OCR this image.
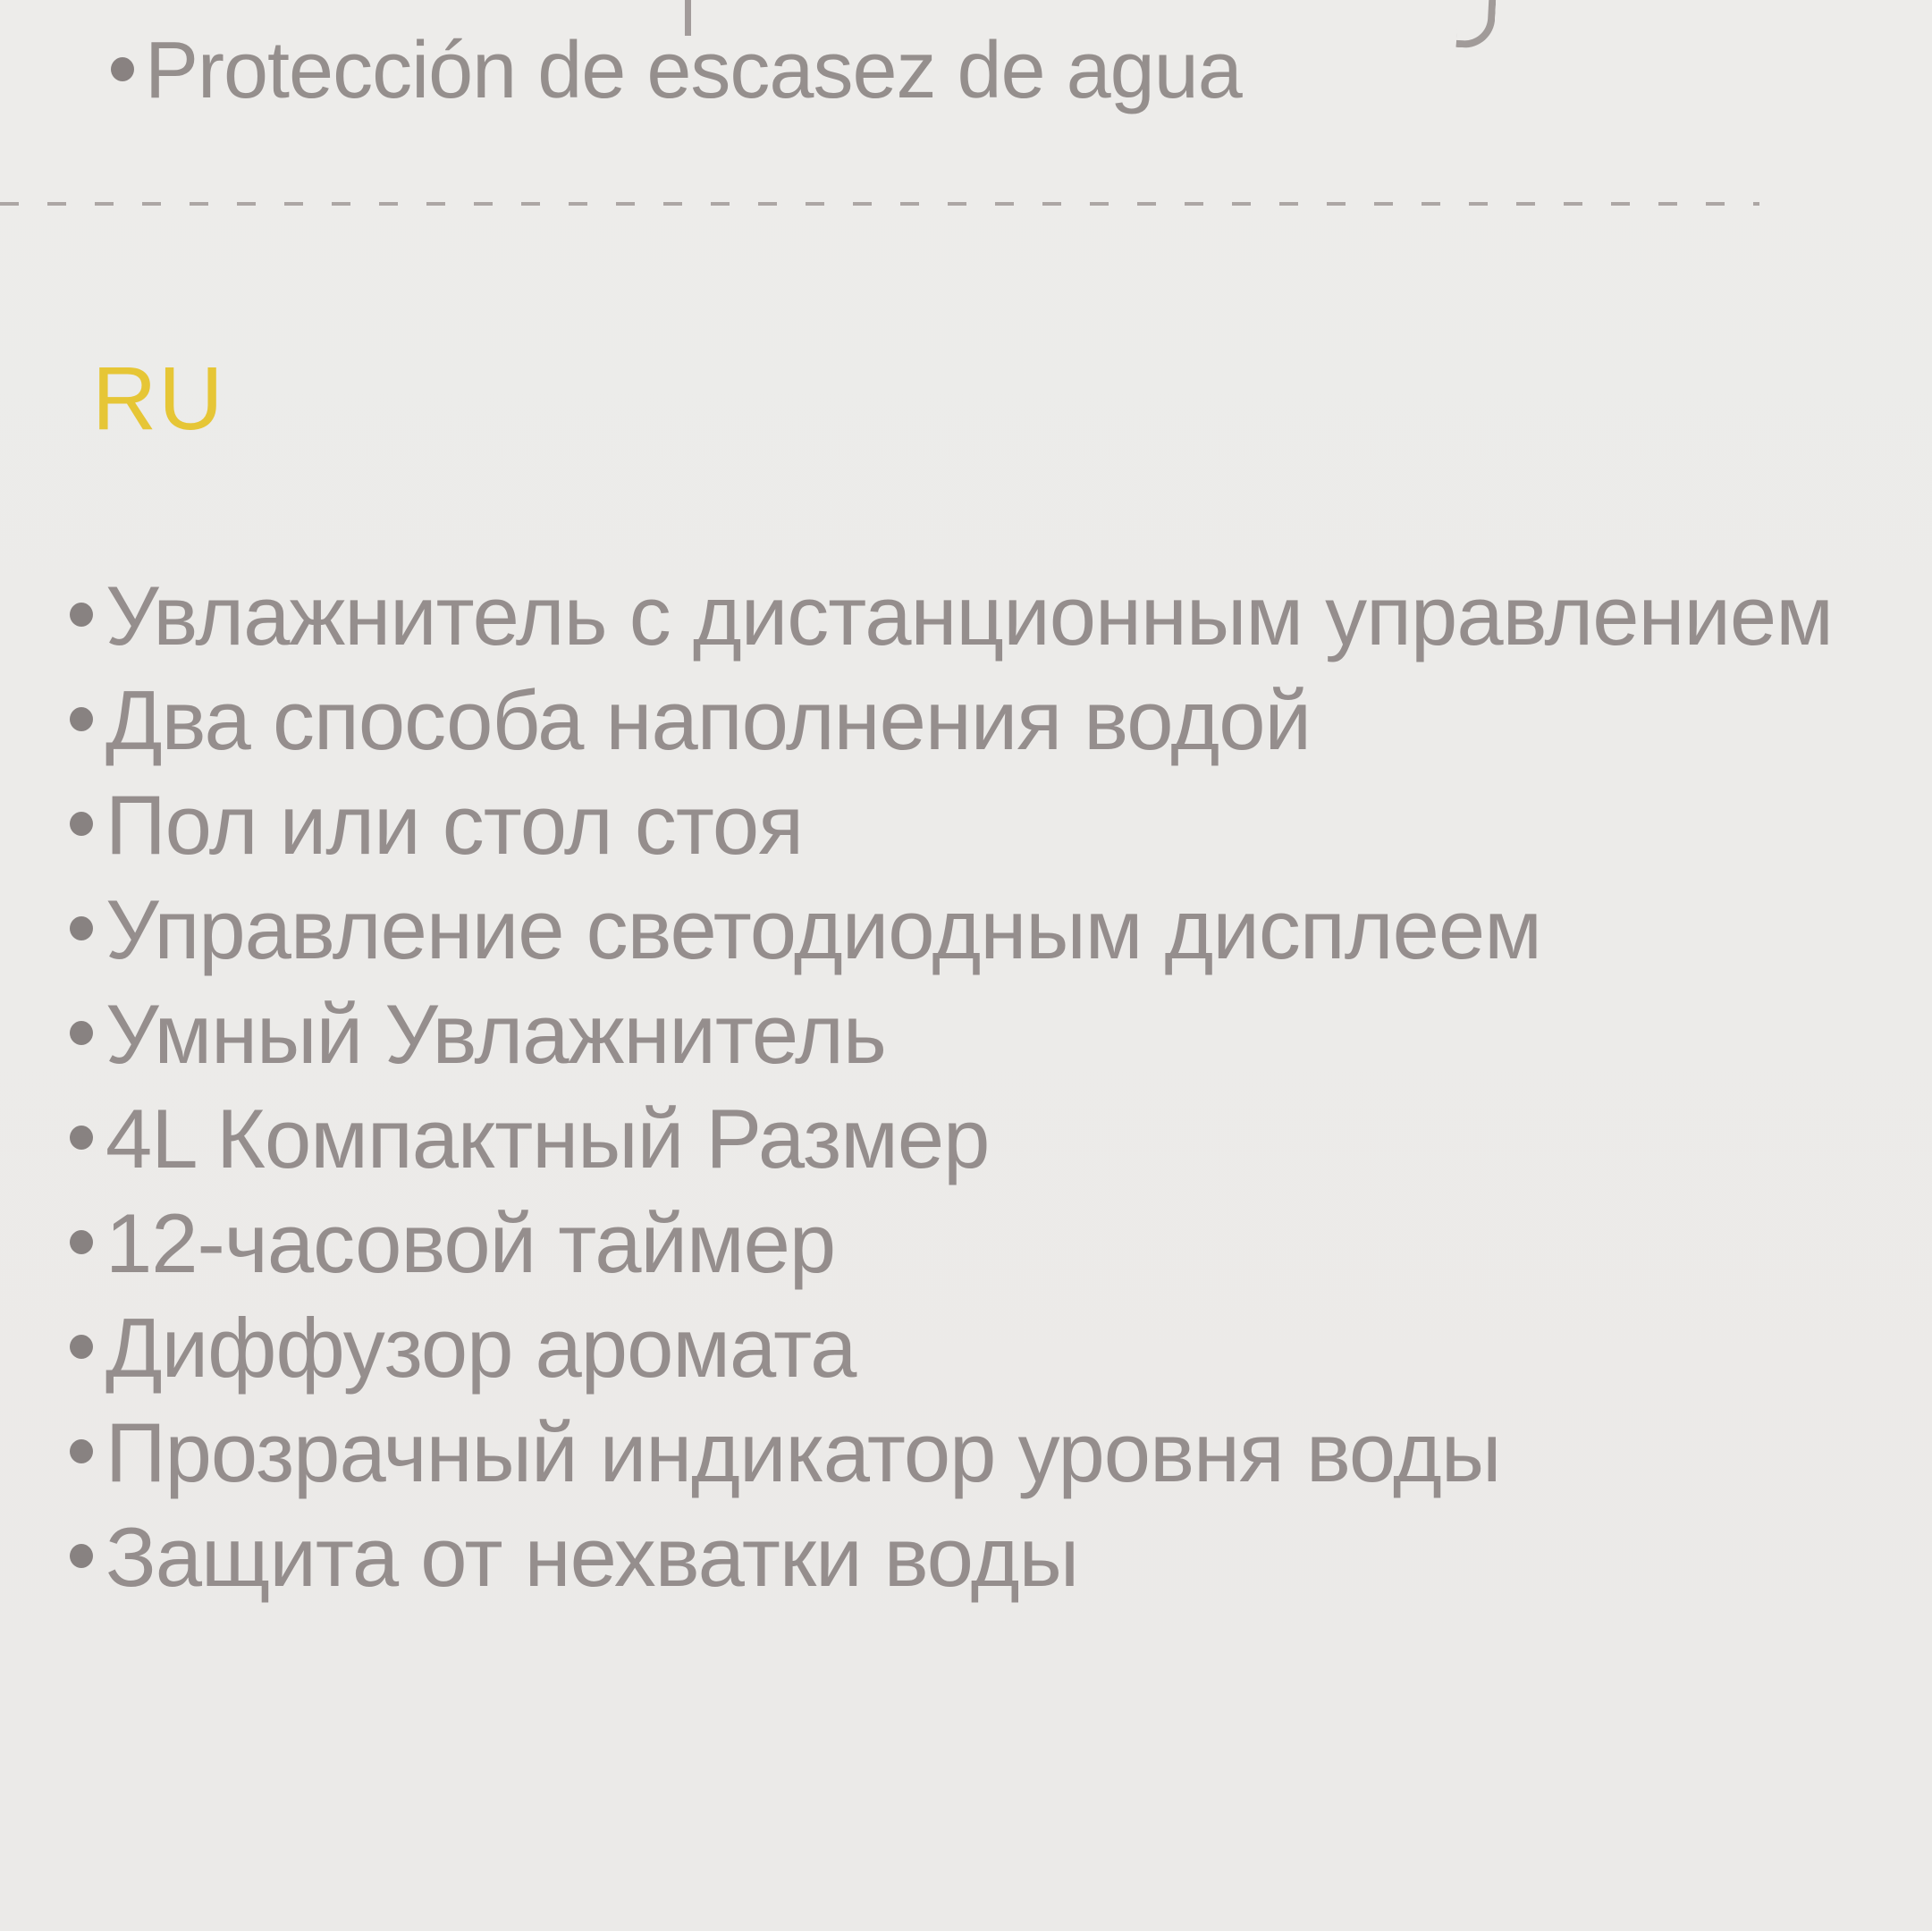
Protección de escasez de agua
RU
Увлажнитель с дистанционным управлением
Два способа наполнения водой
Пол или стол стоя
Управление светодиодным дисплеем
Умный Увлажнитель
4L Компактный Размер
12-часовой таймер
Диффузор аромата
Прозрачный индикатор уровня воды
Защита от нехватки воды
